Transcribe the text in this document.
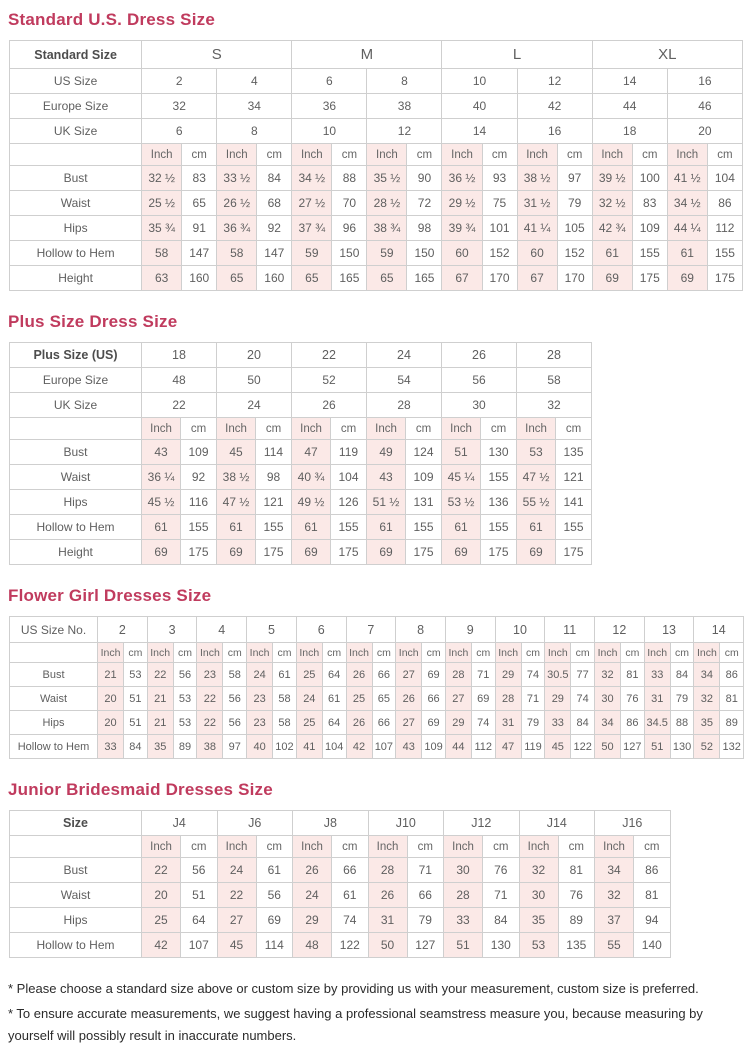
Standard U.S. Dress Size
Standard Size	S				M				L				XL			
US Size	2		4		6		8		10		12		14		16	
Europe Size	32		34		36		38		40		42		44		46	
UK Size	6		8		10		12		14		16		18		20	
	Inch	cm	Inch	cm	Inch	cm	Inch	cm	Inch	cm	Inch	cm	Inch	cm	Inch	cm
Bust	32 ½	83	33 ½	84	34 ½	88	35 ½	90	36 ½	93	38 ½	97	39 ½	100	41 ½	104
Waist	25 ½	65	26 ½	68	27 ½	70	28 ½	72	29 ½	75	31 ½	79	32 ½	83	34 ½	86
Hips	35 ¾	91	36 ¾	92	37 ¾	96	38 ¾	98	39 ¾	101	41 ¼	105	42 ¾	109	44 ¼	112
Hollow to Hem	58	147	58	147	59	150	59	150	60	152	60	152	61	155	61	155
Height	63	160	65	160	65	165	65	165	67	170	67	170	69	175	69	175
Plus Size Dress Size
Plus Size (US)	18		20		22		24		26		28	
Europe Size	48		50		52		54		56		58	
UK Size	22		24		26		28		30		32	
	Inch	cm	Inch	cm	Inch	cm	Inch	cm	Inch	cm	Inch	cm
Bust	43	109	45	114	47	119	49	124	51	130	53	135
Waist	36 ¼	92	38 ½	98	40 ¾	104	43	109	45 ¼	155	47 ½	121
Hips	45 ½	116	47 ½	121	49 ½	126	51 ½	131	53 ½	136	55 ½	141
Hollow to Hem	61	155	61	155	61	155	61	155	61	155	61	155
Height	69	175	69	175	69	175	69	175	69	175	69	175
Flower Girl Dresses Size
US Size No.	2		3		4		5		6		7		8		9		10		11		12		13		14	
	Inch	cm	Inch	cm	Inch	cm	Inch	cm	Inch	cm	Inch	cm	Inch	cm	Inch	cm	Inch	cm	Inch	cm	Inch	cm	Inch	cm	Inch	cm
Bust	21	53	22	56	23	58	24	61	25	64	26	66	27	69	28	71	29	74	30.5	77	32	81	33	84	34	86
Waist	20	51	21	53	22	56	23	58	24	61	25	65	26	66	27	69	28	71	29	74	30	76	31	79	32	81
Hips	20	51	21	53	22	56	23	58	25	64	26	66	27	69	29	74	31	79	33	84	34	86	34.5	88	35	89
Hollow to Hem	33	84	35	89	38	97	40	102	41	104	42	107	43	109	44	112	47	119	45	122	50	127	51	130	52	132
Junior Bridesmaid Dresses Size
Size	J4		J6		J8		J10		J12		J14		J16	
	Inch	cm	Inch	cm	Inch	cm	Inch	cm	Inch	cm	Inch	cm	Inch	cm
Bust	22	56	24	61	26	66	28	71	30	76	32	81	34	86
Waist	20	51	22	56	24	61	26	66	28	71	30	76	32	81
Hips	25	64	27	69	29	74	31	79	33	84	35	89	37	94
Hollow to Hem	42	107	45	114	48	122	50	127	51	130	53	135	55	140

* Please choose a standard size above or custom size by providing us with your measurement, custom size is preferred.

* To ensure accurate measurements, we suggest having a professional seamstress measure you, because measuring by yourself will possibly result in inaccurate numbers.
